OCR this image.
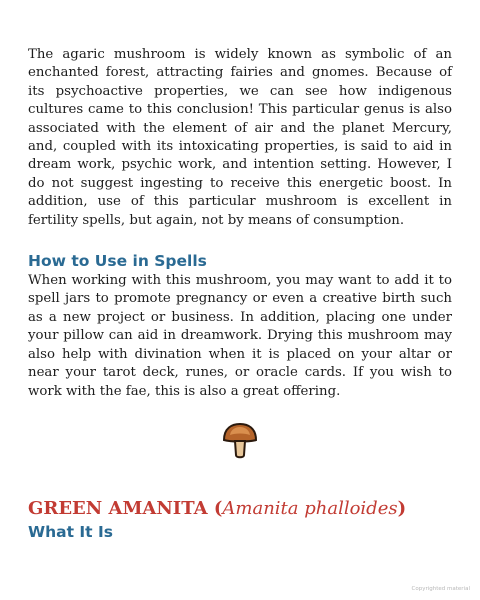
The agaric mushroom is widely known as symbolic of an enchanted forest, attracting fairies and gnomes. Because of its psychoactive properties, we can see how indigenous cultures came to this conclusion! This particular genus is also associated with the element of air and the planet Mercury, and, coupled with its intoxicating properties, is said to aid in dream work, psychic work, and intention setting. However, I do not suggest ingesting to receive this energetic boost. In addition, use of this particular mushroom is excellent in fertility spells, but again, not by means of consumption.

How to Use in Spells

When working with this mushroom, you may want to add it to spell jars to promote pregnancy or even a creative birth such as a new project or business. In addition, placing one under your pillow can aid in dreamwork. Drying this mushroom may also help with divination when it is placed on your altar or near your tarot deck, runes, or oracle cards. If you wish to work with the fae, this is also a great offering.

GREEN AMANITA (Amanita phalloides)
What It Is
Copyrighted material
